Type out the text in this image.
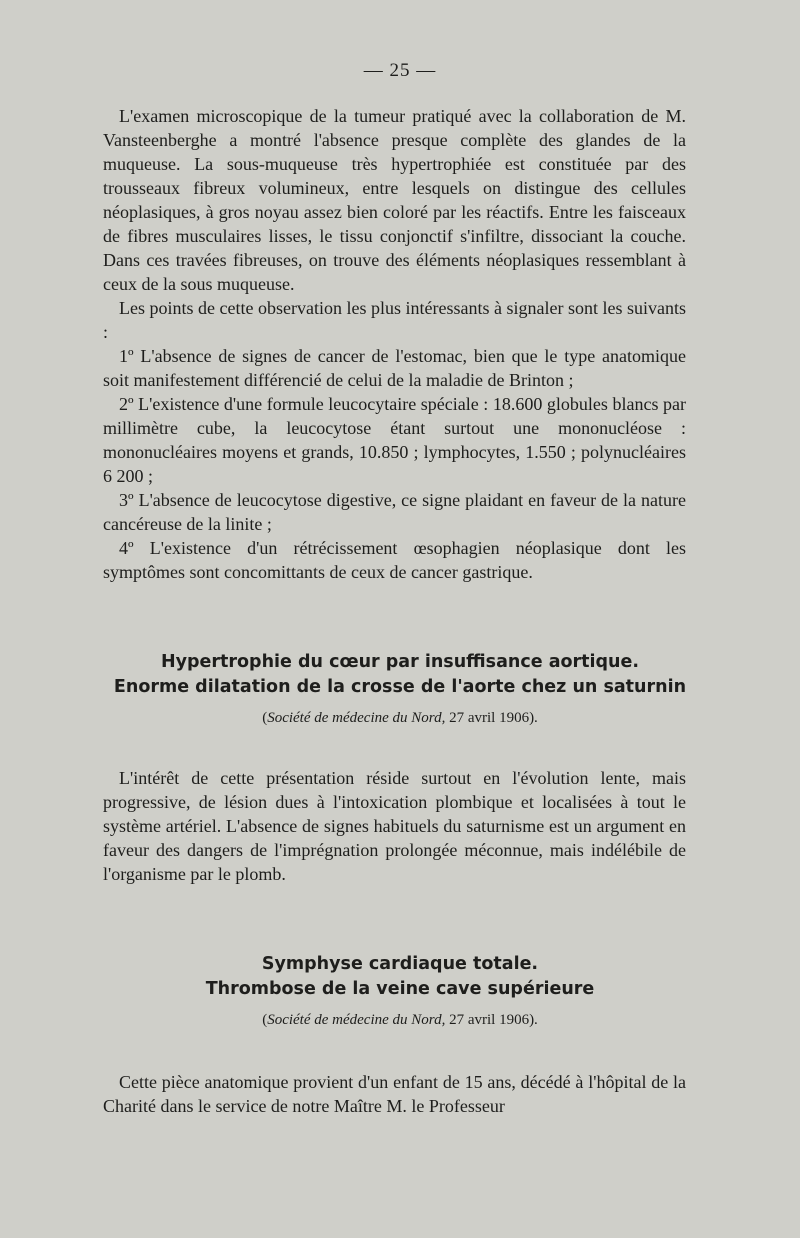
— 25 —

L'examen microscopique de la tumeur pratiqué avec la collaboration de M. Vansteenberghe a montré l'absence presque complète des glandes de la muqueuse. La sous-muqueuse très hypertrophiée est constituée par des trousseaux fibreux volumineux, entre lesquels on distingue des cellules néoplasiques, à gros noyau assez bien coloré par les réactifs. Entre les faisceaux de fibres musculaires lisses, le tissu conjonctif s'infiltre, dissociant la couche. Dans ces travées fibreuses, on trouve des éléments néoplasiques ressemblant à ceux de la sous muqueuse.

Les points de cette observation les plus intéressants à signaler sont les suivants :

1º L'absence de signes de cancer de l'estomac, bien que le type anatomique soit manifestement différencié de celui de la maladie de Brinton ;

2º L'existence d'une formule leucocytaire spéciale : 18.600 globules blancs par millimètre cube, la leucocytose étant surtout une mononucléose : mononucléaires moyens et grands, 10.850 ; lymphocytes, 1.550 ; polynucléaires 6 200 ;

3º L'absence de leucocytose digestive, ce signe plaidant en faveur de la nature cancéreuse de la linite ;

4º L'existence d'un rétrécissement œsophagien néoplasique dont les symptômes sont concomittants de ceux de cancer gastrique.

Hypertrophie du cœur par insuffisance aortique.
Enorme dilatation de la crosse de l'aorte chez un saturnin
(Société de médecine du Nord, 27 avril 1906).

L'intérêt de cette présentation réside surtout en l'évolution lente, mais progressive, de lésion dues à l'intoxication plombique et localisées à tout le système artériel. L'absence de signes habituels du saturnisme est un argument en faveur des dangers de l'imprégnation prolongée méconnue, mais indélébile de l'organisme par le plomb.

Symphyse cardiaque totale.
Thrombose de la veine cave supérieure
(Société de médecine du Nord, 27 avril 1906).

Cette pièce anatomique provient d'un enfant de 15 ans, décédé à l'hôpital de la Charité dans le service de notre Maître M. le Professeur
